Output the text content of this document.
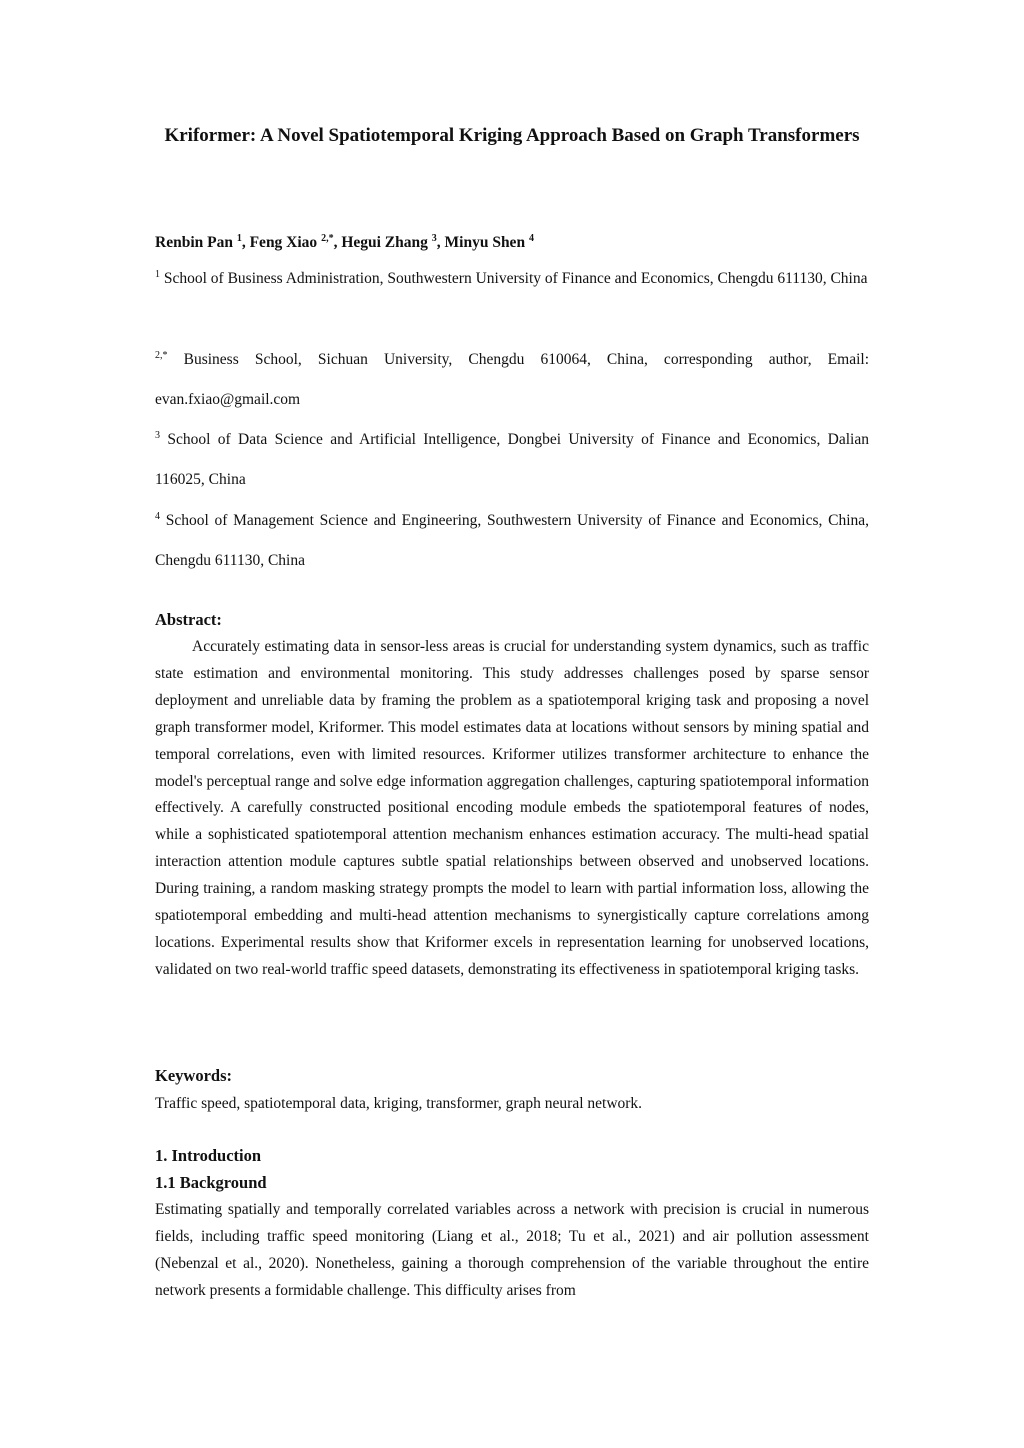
Kriformer: A Novel Spatiotemporal Kriging Approach Based on Graph Transformers
Renbin Pan $^1$, Feng Xiao $^{2,*}$, Hegui Zhang $^3$, Minyu Shen $^4$
$^1$ School of Business Administration, Southwestern University of Finance and Economics, Chengdu 611130, China
$^{2,*}$ Business School, Sichuan University, Chengdu 610064, China, corresponding author, Email: evan.fxiao@gmail.com
$^3$ School of Data Science and Artificial Intelligence, Dongbei University of Finance and Economics, Dalian 116025, China
$^4$ School of Management Science and Engineering, Southwestern University of Finance and Economics, China, Chengdu 611130, China
Abstract:
Accurately estimating data in sensor-less areas is crucial for understanding system dynamics, such as traffic state estimation and environmental monitoring. This study addresses challenges posed by sparse sensor deployment and unreliable data by framing the problem as a spatiotemporal kriging task and proposing a novel graph transformer model, Kriformer. This model estimates data at locations without sensors by mining spatial and temporal correlations, even with limited resources. Kriformer utilizes transformer architecture to enhance the model's perceptual range and solve edge information aggregation challenges, capturing spatiotemporal information effectively. A carefully constructed positional encoding module embeds the spatiotemporal features of nodes, while a sophisticated spatiotemporal attention mechanism enhances estimation accuracy. The multi-head spatial interaction attention module captures subtle spatial relationships between observed and unobserved locations. During training, a random masking strategy prompts the model to learn with partial information loss, allowing the spatiotemporal embedding and multi-head attention mechanisms to synergistically capture correlations among locations. Experimental results show that Kriformer excels in representation learning for unobserved locations, validated on two real-world traffic speed datasets, demonstrating its effectiveness in spatiotemporal kriging tasks.
Keywords:
Traffic speed, spatiotemporal data, kriging, transformer, graph neural network.
1. Introduction
1.1 Background
Estimating spatially and temporally correlated variables across a network with precision is crucial in numerous fields, including traffic speed monitoring (Liang et al., 2018; Tu et al., 2021) and air pollution assessment (Nebenzal et al., 2020). Nonetheless, gaining a thorough comprehension of the variable throughout the entire network presents a formidable challenge. This difficulty arises from
